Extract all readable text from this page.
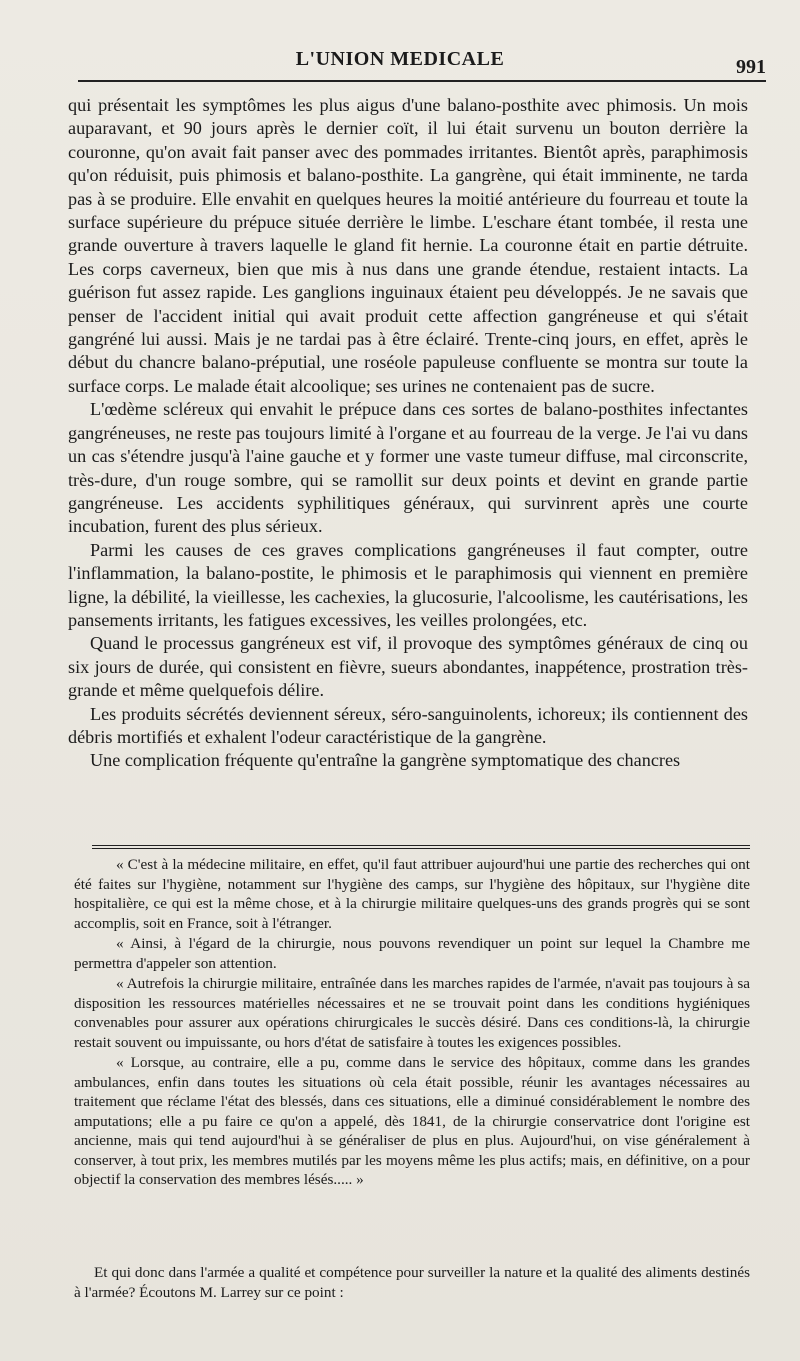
L'UNION MEDICALE	991

qui présentait les symptômes les plus aigus d'une balano-posthite avec phimosis. Un mois auparavant, et 90 jours après le dernier coït, il lui était survenu un bouton derrière la couronne, qu'on avait fait panser avec des pommades irritantes. Bientôt après, paraphimosis qu'on réduisit, puis phimosis et balano-posthite. La gangrène, qui était imminente, ne tarda pas à se produire. Elle envahit en quelques heures la moitié antérieure du fourreau et toute la surface supérieure du prépuce située derrière le limbe. L'eschare étant tombée, il resta une grande ouverture à travers laquelle le gland fit hernie. La couronne était en partie détruite. Les corps caverneux, bien que mis à nus dans une grande étendue, restaient intacts. La guérison fut assez rapide. Les ganglions inguinaux étaient peu développés. Je ne savais que penser de l'accident initial qui avait produit cette affection gangréneuse et qui s'était gangréné lui aussi. Mais je ne tardai pas à être éclairé. Trente-cinq jours, en effet, après le début du chancre balano-préputial, une roséole papuleuse confluente se montra sur toute la surface corps. Le malade était alcoolique; ses urines ne contenaient pas de sucre.

L'œdème scléreux qui envahit le prépuce dans ces sortes de balano-posthites infectantes gangréneuses, ne reste pas toujours limité à l'organe et au fourreau de la verge. Je l'ai vu dans un cas s'étendre jusqu'à l'aine gauche et y former une vaste tumeur diffuse, mal circonscrite, très-dure, d'un rouge sombre, qui se ramollit sur deux points et devint en grande partie gangréneuse. Les accidents syphilitiques généraux, qui survinrent après une courte incubation, furent des plus sérieux.

Parmi les causes de ces graves complications gangréneuses il faut compter, outre l'inflammation, la balano-postite, le phimosis et le paraphimosis qui viennent en première ligne, la débilité, la vieillesse, les cachexies, la glucosurie, l'alcoolisme, les cautérisations, les pansements irritants, les fatigues excessives, les veilles prolongées, etc.

Quand le processus gangréneux est vif, il provoque des symptômes généraux de cinq ou six jours de durée, qui consistent en fièvre, sueurs abondantes, inappétence, prostration très-grande et même quelquefois délire.

Les produits sécrétés deviennent séreux, séro-sanguinolents, ichoreux; ils contiennent des débris mortifiés et exhalent l'odeur caractéristique de la gangrène.

Une complication fréquente qu'entraîne la gangrène symptomatique des chancres

« C'est à la médecine militaire, en effet, qu'il faut attribuer aujourd'hui une partie des recherches qui ont été faites sur l'hygiène, notamment sur l'hygiène des camps, sur l'hygiène des hôpitaux, sur l'hygiène dite hospitalière, ce qui est la même chose, et à la chirurgie militaire quelques-uns des grands progrès qui se sont accomplis, soit en France, soit à l'étranger.

« Ainsi, à l'égard de la chirurgie, nous pouvons revendiquer un point sur lequel la Chambre me permettra d'appeler son attention.

« Autrefois la chirurgie militaire, entraînée dans les marches rapides de l'armée, n'avait pas toujours à sa disposition les ressources matérielles nécessaires et ne se trouvait point dans les conditions hygiéniques convenables pour assurer aux opérations chirurgicales le succès désiré. Dans ces conditions-là, la chirurgie restait souvent ou impuissante, ou hors d'état de satisfaire à toutes les exigences possibles.

« Lorsque, au contraire, elle a pu, comme dans le service des hôpitaux, comme dans les grandes ambulances, enfin dans toutes les situations où cela était possible, réunir les avantages nécessaires au traitement que réclame l'état des blessés, dans ces situations, elle a diminué considérablement le nombre des amputations; elle a pu faire ce qu'on a appelé, dès 1841, de la chirurgie conservatrice dont l'origine est ancienne, mais qui tend aujourd'hui à se généraliser de plus en plus. Aujourd'hui, on vise généralement à conserver, à tout prix, les membres mutilés par les moyens même les plus actifs; mais, en définitive, on a pour objectif la conservation des membres lésés..... »

Et qui donc dans l'armée a qualité et compétence pour surveiller la nature et la qualité des aliments destinés à l'armée? Écoutons M. Larrey sur ce point :
